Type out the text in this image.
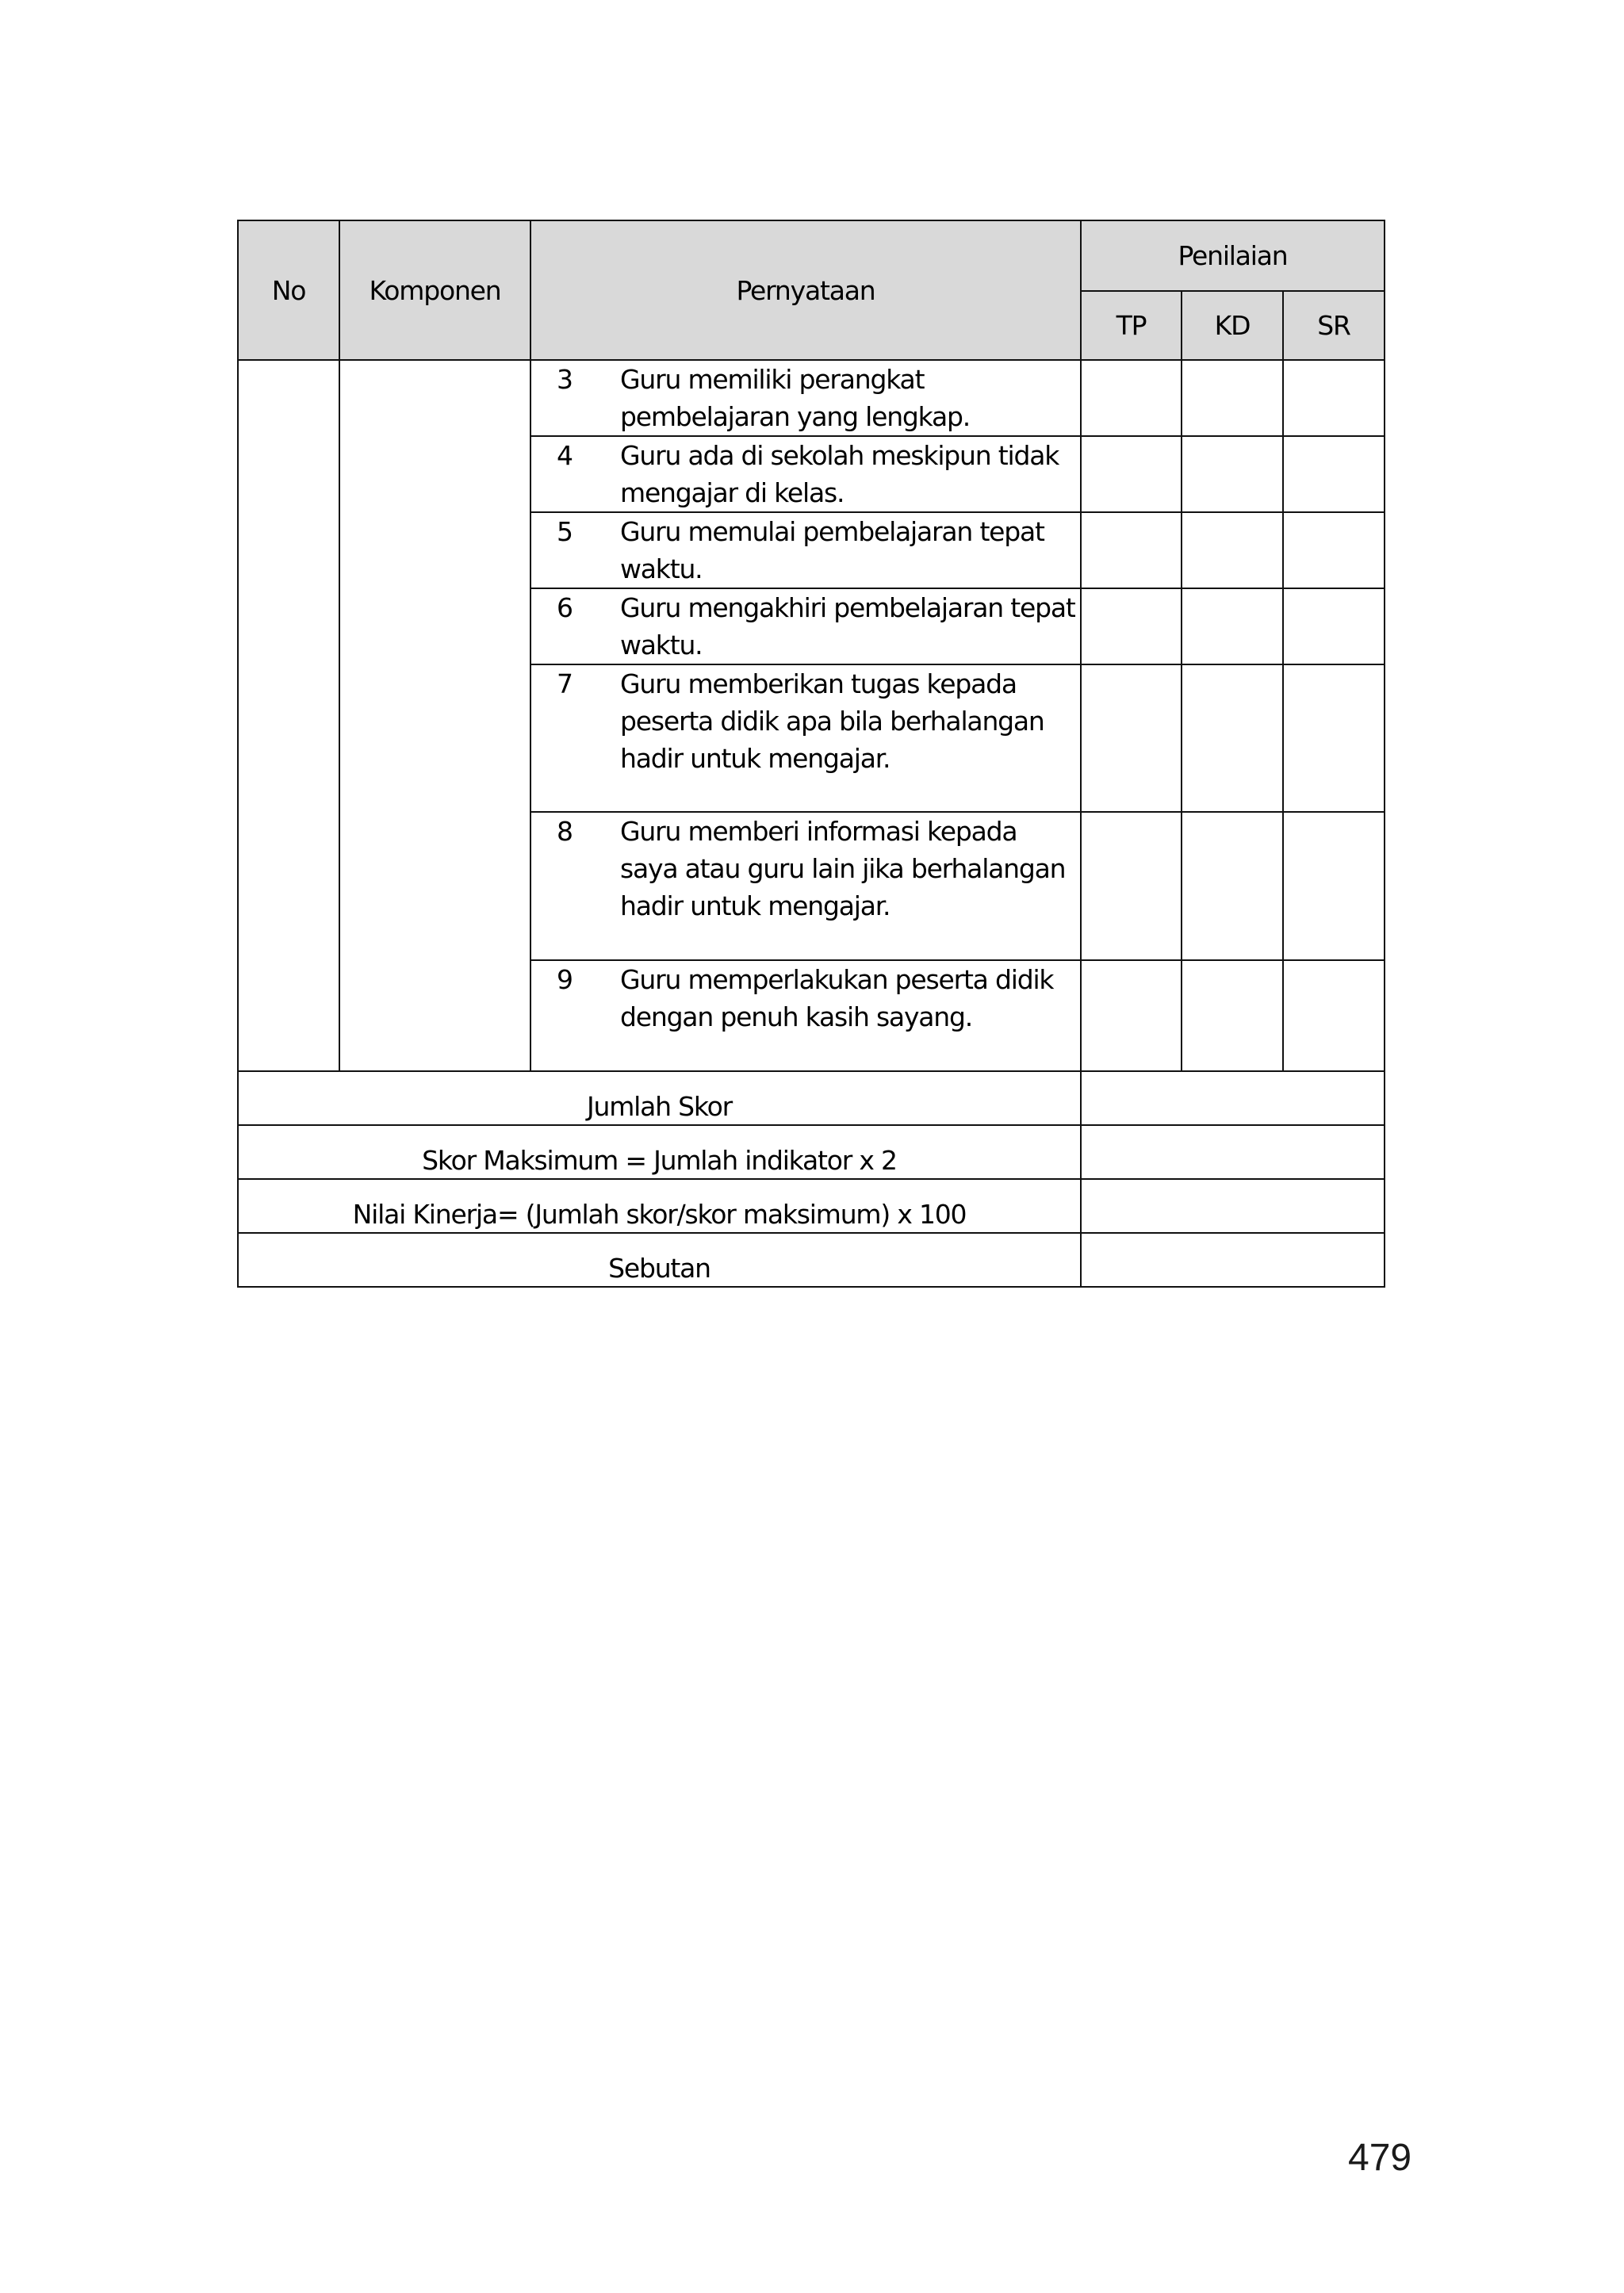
No	Komponen	Pernyataan	Penilaian		
			TP	KD	SR

		3 Guru memiliki perangkat pembelajaran yang lengkap.			

		4 Guru ada di sekolah meskipun tidak mengajar di kelas.			

		5 Guru memulai pembelajaran tepat waktu.			

		6 Guru mengakhiri pembelajaran tepat waktu.			

		7 Guru memberikan tugas kepada peserta didik apa bila berhalangan hadir untuk mengajar.			

		8 Guru memberi informasi kepada saya atau guru lain jika berhalangan hadir untuk mengajar.			

		9 Guru memperlakukan peserta didik dengan penuh kasih sayang.			

Jumlah Skor					
Skor Maksimum = Jumlah indikator x 2					
Nilai Kinerja= (Jumlah skor/skor maksimum) x 100					
Sebutan					
479
